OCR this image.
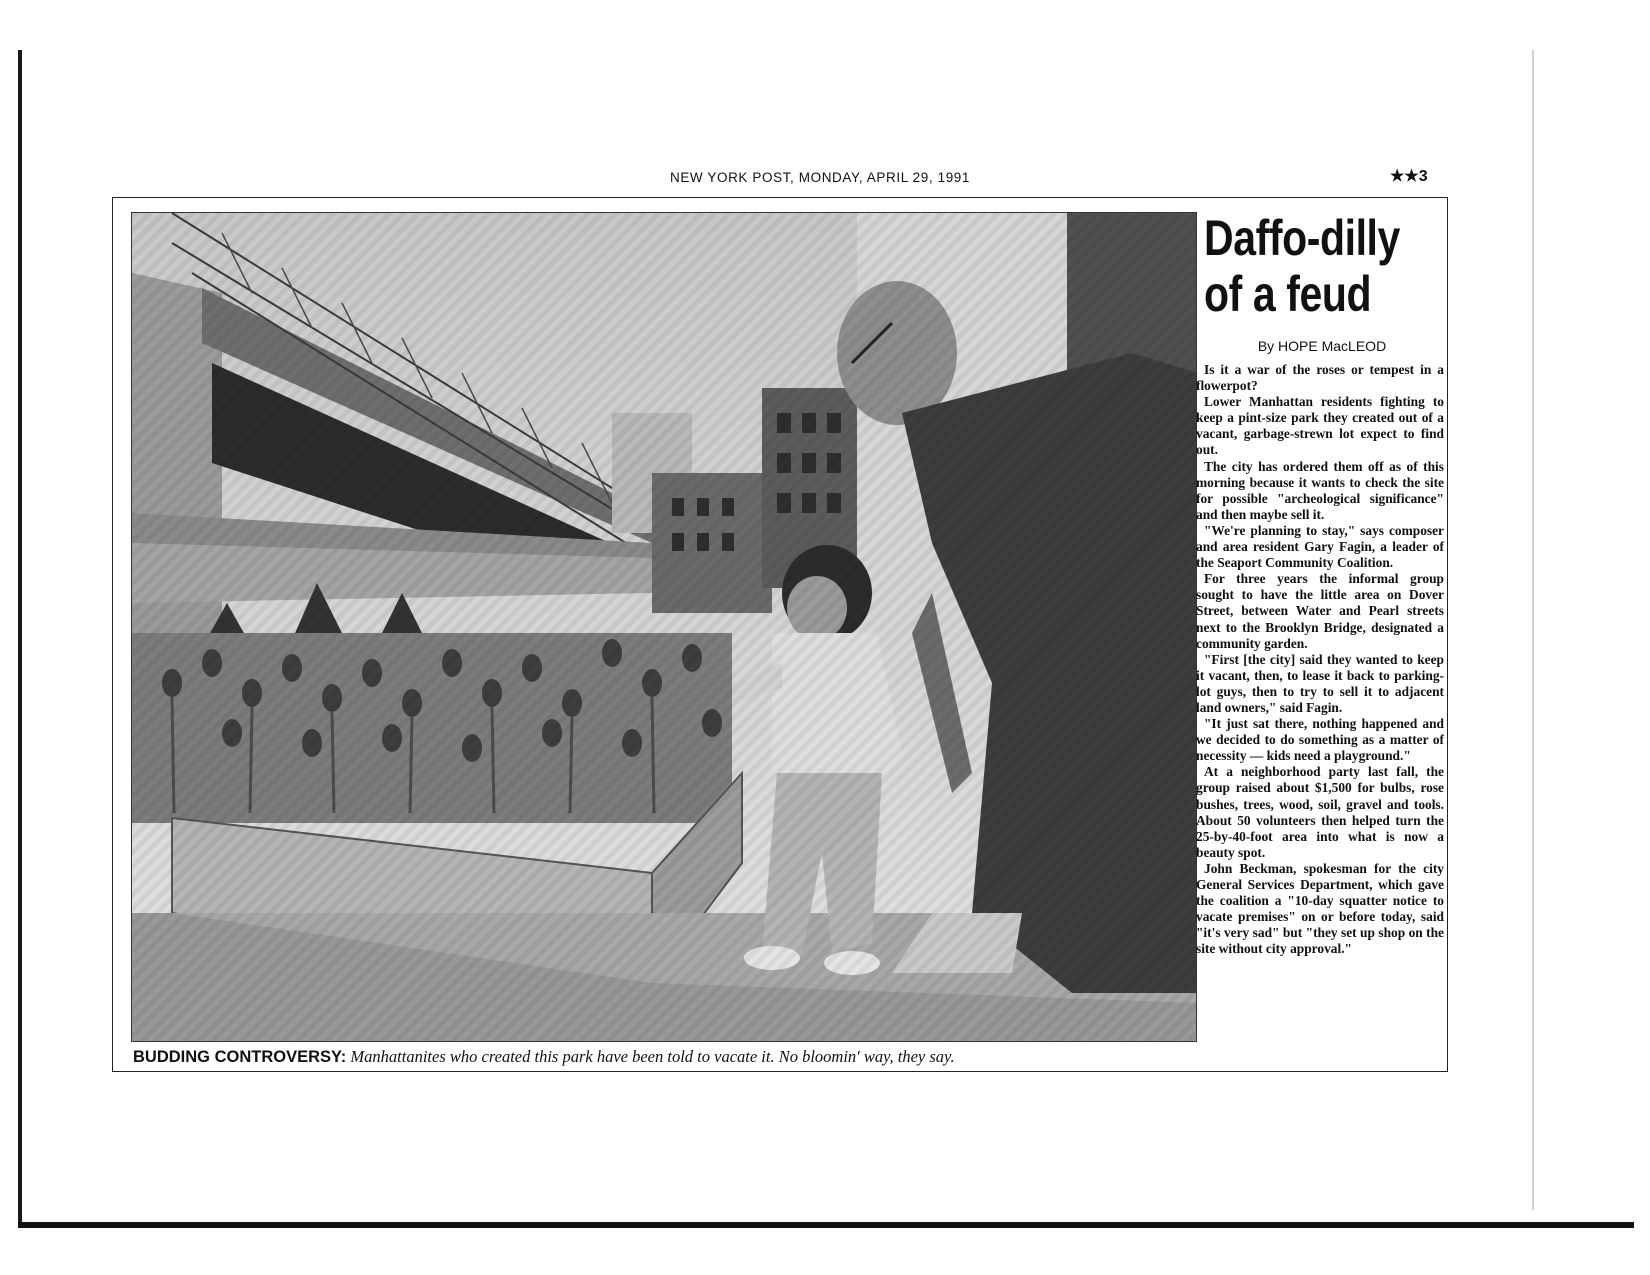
NEW YORK POST, MONDAY, APRIL 29, 1991	★★3
BUDDING CONTROVERSY: Manhattanites who created this park have been told to vacate it. No bloomin' way, they say.
Daffo-dilly
of a feud
By HOPE MacLEOD

Is it a war of the roses or tempest in a flowerpot?

Lower Manhattan residents fighting to keep a pint-size park they created out of a vacant, garbage-strewn lot expect to find out.

The city has ordered them off as of this morning because it wants to check the site for possible "archeological significance" and then maybe sell it.

"We're planning to stay," says composer and area resident Gary Fagin, a leader of the Seaport Community Coalition.

For three years the informal group sought to have the little area on Dover Street, between Water and Pearl streets next to the Brooklyn Bridge, designated a community garden.

"First [the city] said they wanted to keep it vacant, then, to lease it back to parking-lot guys, then to try to sell it to adjacent land owners," said Fagin.

"It just sat there, nothing happened and we decided to do something as a matter of necessity — kids need a playground."

At a neighborhood party last fall, the group raised about $1,500 for bulbs, rose bushes, trees, wood, soil, gravel and tools. About 50 volunteers then helped turn the 25-by-40-foot area into what is now a beauty spot.

John Beckman, spokesman for the city General Services Department, which gave the coalition a "10-day squatter notice to vacate premises" on or before today, said "it's very sad" but "they set up shop on the site without city approval."
